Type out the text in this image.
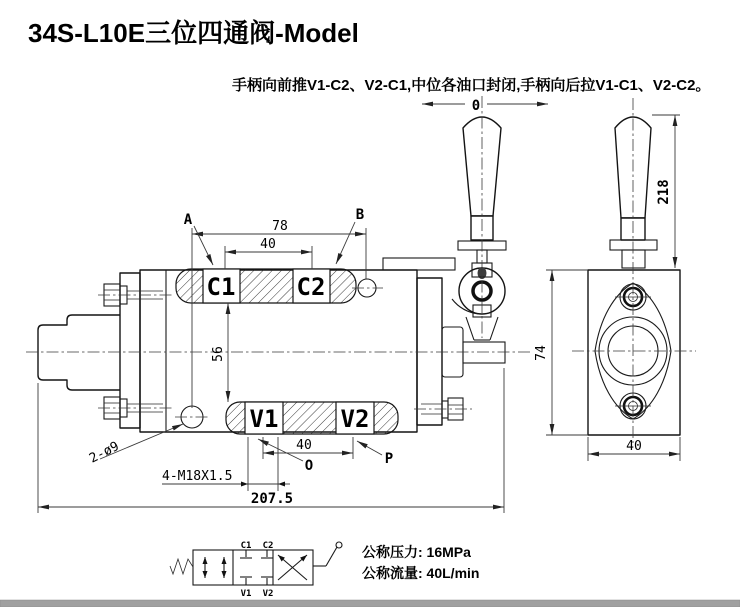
34S-L10E三位四通阀-Model
手柄向前推V1-C2、V2-C1,中位各油口封闭,手柄向后拉V1-C1、V2-C2。
C1	C2
V1	V2
0
78
40
56
40
207.5
4-M18X1.5
2-ø9
A	B
O	P
218
74
40
C1 C2
V1 V2
公称压力: 16MPa
公称流量: 40L/min
